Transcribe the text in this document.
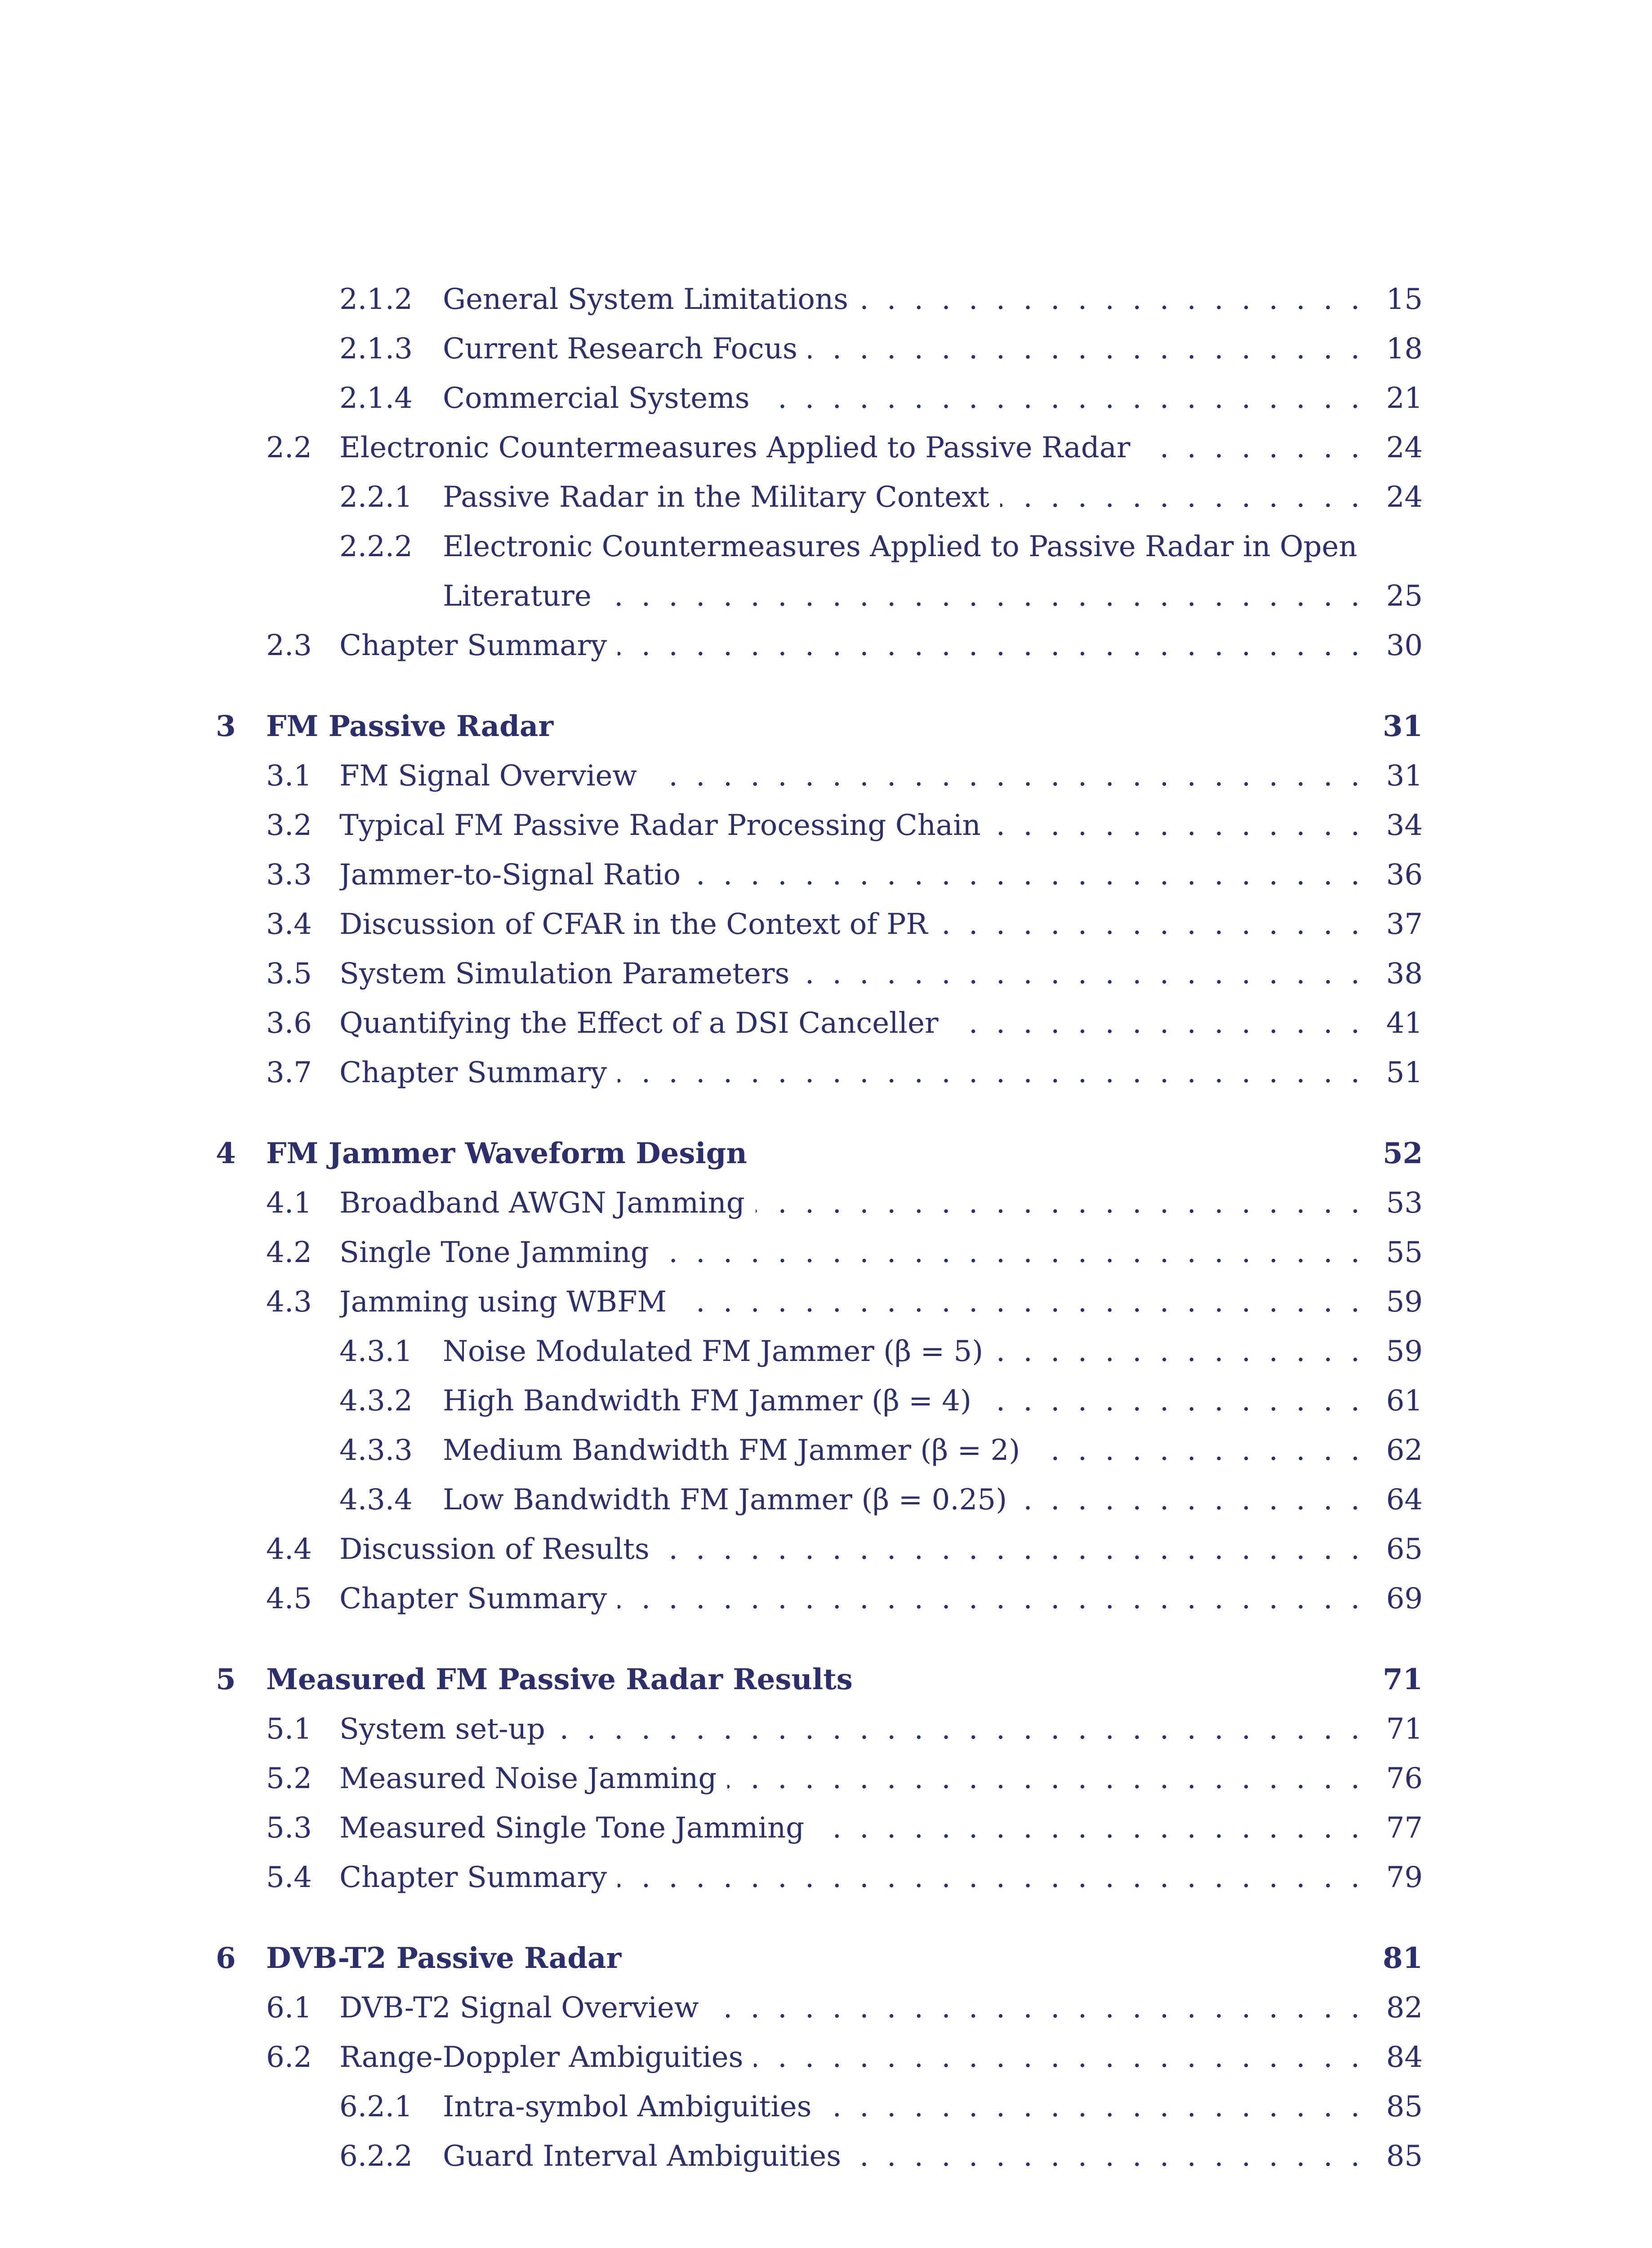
2.1.2 General System Limitations . . .	15
2.1.3 Current Research Focus . . .	18
2.1.4 Commercial Systems . . .	21
2.2 Electronic Countermeasures Applied to Passive Radar . . .	24
2.2.1 Passive Radar in the Military Context . . .	24
2.2.2 Electronic Countermeasures Applied to Passive Radar in Open
Literature . . .	25
2.3 Chapter Summary . . .	30
3 FM Passive Radar	31
3.1 FM Signal Overview . . .	31
3.2 Typical FM Passive Radar Processing Chain . . .	34
3.3 Jammer-to-Signal Ratio . . .	36
3.4 Discussion of CFAR in the Context of PR . . .	37
3.5 System Simulation Parameters . . .	38
3.6 Quantifying the Effect of a DSI Canceller . . .	41
3.7 Chapter Summary . . .	51
4 FM Jammer Waveform Design	52
4.1 Broadband AWGN Jamming . . .	53
4.2 Single Tone Jamming . . .	55
4.3 Jamming using WBFM . . .	59
4.3.1 Noise Modulated FM Jammer (β = 5) . . .	59
4.3.2 High Bandwidth FM Jammer (β = 4) . . .	61
4.3.3 Medium Bandwidth FM Jammer (β = 2) . . .	62
4.3.4 Low Bandwidth FM Jammer (β = 0.25) . . .	64
4.4 Discussion of Results . . .	65
4.5 Chapter Summary . . .	69
5 Measured FM Passive Radar Results	71
5.1 System set-up . . .	71
5.2 Measured Noise Jamming . . .	76
5.3 Measured Single Tone Jamming . . .	77
5.4 Chapter Summary . . .	79
6 DVB-T2 Passive Radar	81
6.1 DVB-T2 Signal Overview . . .	82
6.2 Range-Doppler Ambiguities . . .	84
6.2.1 Intra-symbol Ambiguities . . .	85
6.2.2 Guard Interval Ambiguities . . .	85
